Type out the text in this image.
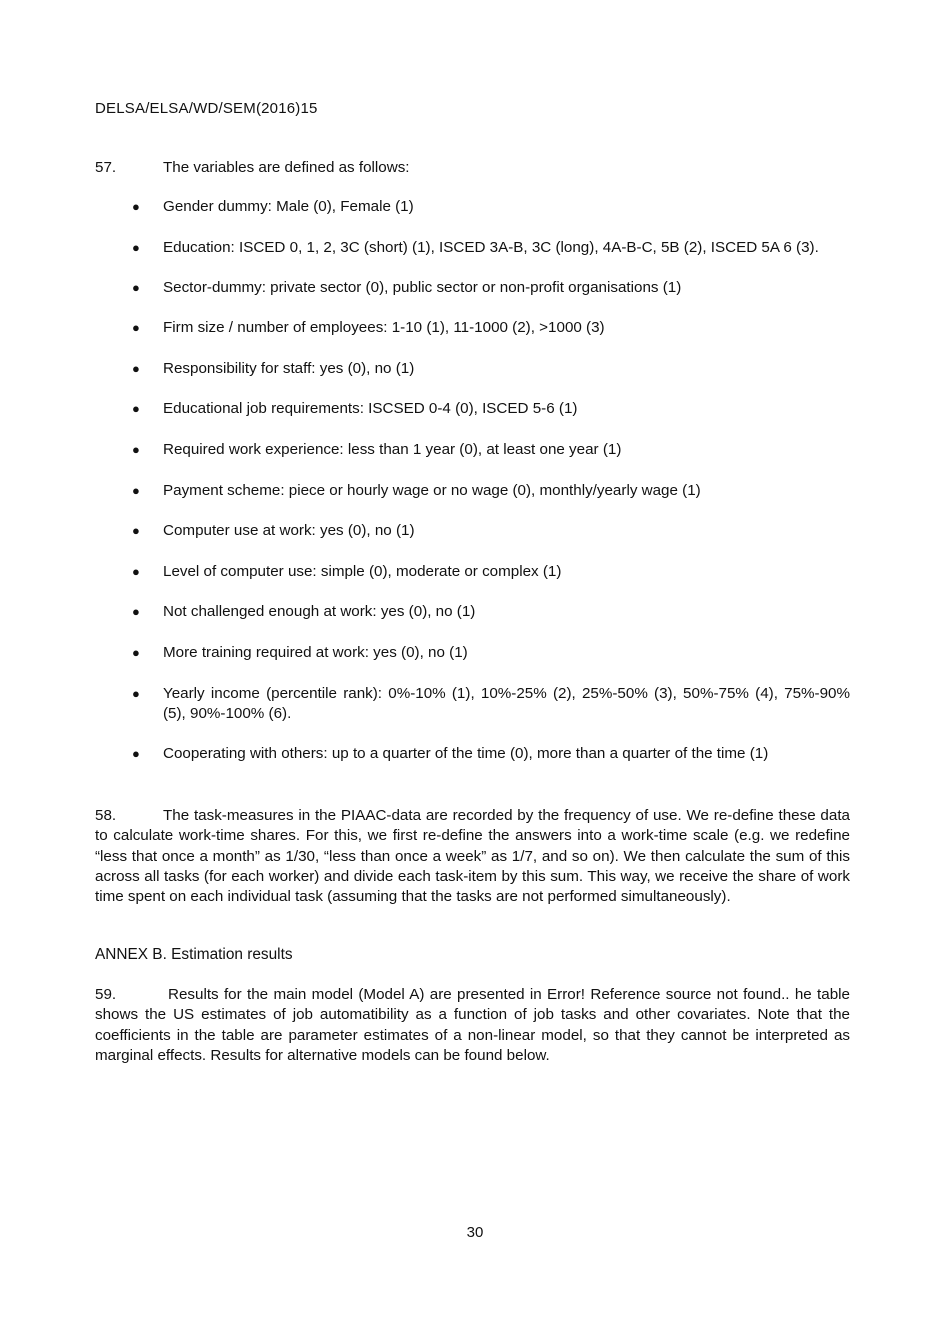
DELSA/ELSA/WD/SEM(2016)15
57.	The variables are defined as follows:
● Gender dummy: Male (0), Female (1)
● Education: ISCED 0, 1, 2, 3C (short) (1), ISCED 3A-B, 3C (long), 4A-B-C, 5B (2), ISCED 5A 6 (3).
● Sector-dummy: private sector (0), public sector or non-profit organisations (1)
● Firm size / number of employees: 1-10 (1), 11-1000 (2), >1000 (3)
● Responsibility for staff: yes (0), no (1)
● Educational job requirements: ISCSED 0-4 (0), ISCED 5-6 (1)
● Required work experience: less than 1 year (0), at least one year (1)
● Payment scheme: piece or hourly wage or no wage (0), monthly/yearly wage (1)
● Computer use at work: yes (0), no (1)
● Level of computer use: simple (0), moderate or complex (1)
● Not challenged enough at work: yes (0), no (1)
● More training required at work: yes (0), no (1)
● Yearly income (percentile rank): 0%-10% (1), 10%-25% (2), 25%-50% (3), 50%-75% (4), 75%-90% (5), 90%-100% (6).
● Cooperating with others: up to a quarter of the time (0), more than a quarter of the time (1)
58.	The task-measures in the PIAAC-data are recorded by the frequency of use. We re-define these data to calculate work-time shares. For this, we first re-define the answers into a work-time scale (e.g. we redefine “less that once a month” as 1/30, “less than once a week” as 1/7, and so on). We then calculate the sum of this across all tasks (for each worker) and divide each task-item by this sum. This way, we receive the share of work time spent on each individual task (assuming that the tasks are not performed simultaneously).
ANNEX B. Estimation results
59.	Results for the main model (Model A) are presented in Error! Reference source not found.. he table shows the US estimates of job automatibility as a function of job tasks and other covariates. Note that the coefficients in the table are parameter estimates of a non-linear model, so that they cannot be interpreted as marginal effects. Results for alternative models can be found below.
30
